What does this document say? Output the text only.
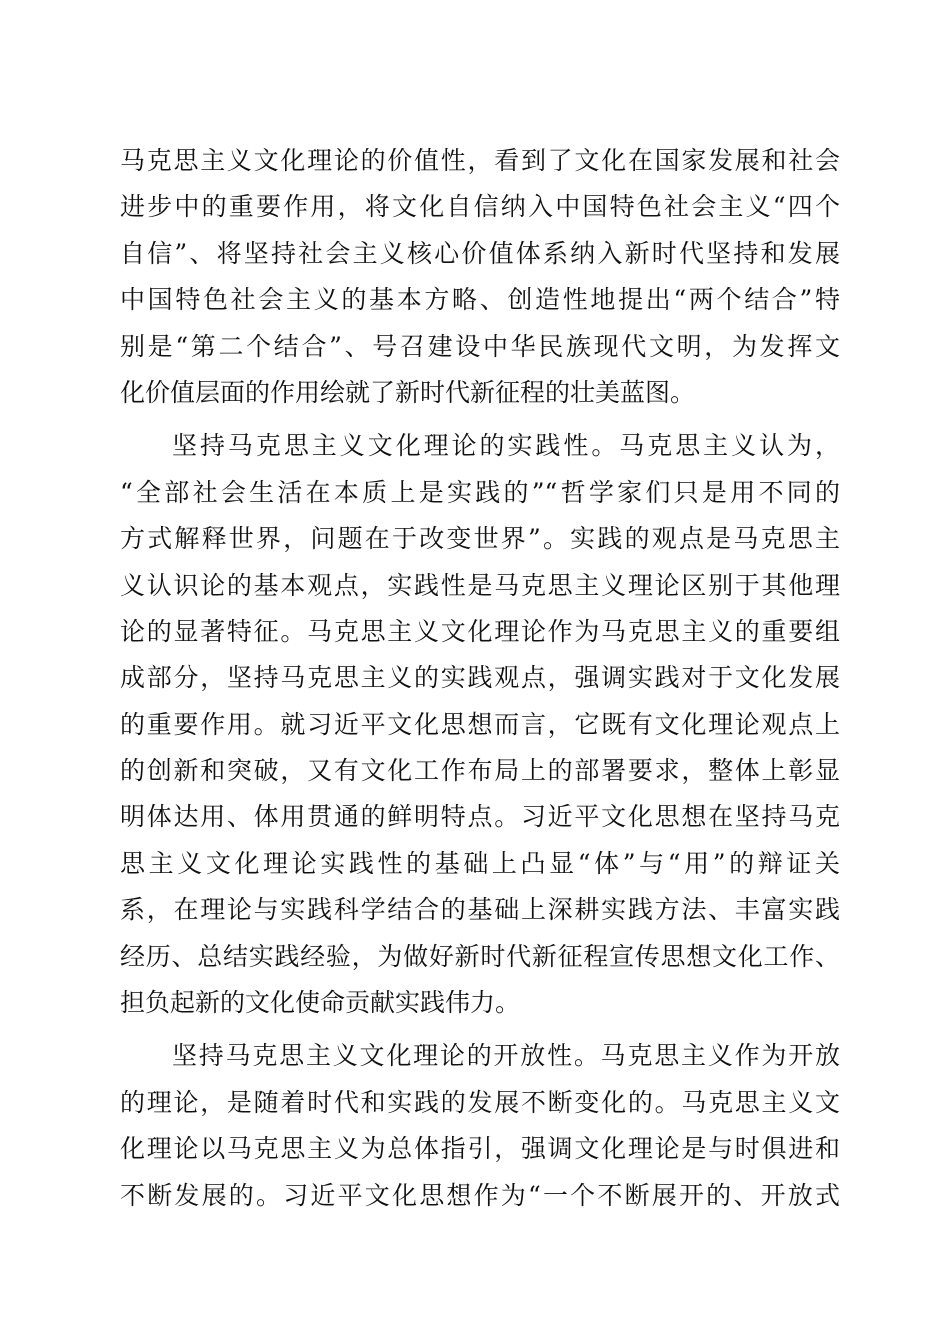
马克思主义文化理论的价值性，看到了文化在国家发展和社会
进步中的重要作用，将文化自信纳入中国特色社会主义“四个
自信”、将坚持社会主义核心价值体系纳入新时代坚持和发展
中国特色社会主义的基本方略、创造性地提出“两个结合”特
别是“第二个结合”、号召建设中华民族现代文明，为发挥文
化价值层面的作用绘就了新时代新征程的壮美蓝图。
坚持马克思主义文化理论的实践性。马克思主义认为，
“全部社会生活在本质上是实践的”“哲学家们只是用不同的
方式解释世界，问题在于改变世界”。实践的观点是马克思主
义认识论的基本观点，实践性是马克思主义理论区别于其他理
论的显著特征。马克思主义文化理论作为马克思主义的重要组
成部分，坚持马克思主义的实践观点，强调实践对于文化发展
的重要作用。就习近平文化思想而言，它既有文化理论观点上
的创新和突破，又有文化工作布局上的部署要求，整体上彰显
明体达用、体用贯通的鲜明特点。习近平文化思想在坚持马克
思主义文化理论实践性的基础上凸显“体”与“用”的辩证关
系，在理论与实践科学结合的基础上深耕实践方法、丰富实践
经历、总结实践经验，为做好新时代新征程宣传思想文化工作、
担负起新的文化使命贡献实践伟力。
坚持马克思主义文化理论的开放性。马克思主义作为开放
的理论，是随着时代和实践的发展不断变化的。马克思主义文
化理论以马克思主义为总体指引，强调文化理论是与时俱进和
不断发展的。习近平文化思想作为“一个不断展开的、开放式
